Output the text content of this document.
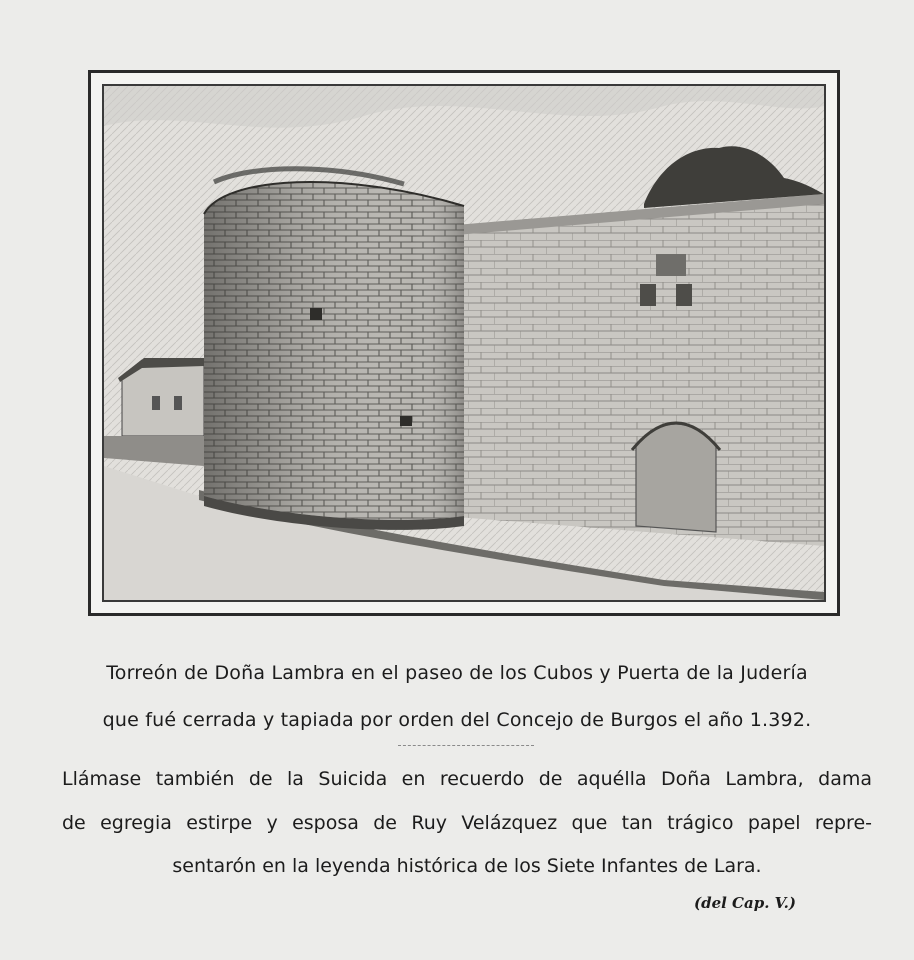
Torreón de Doña Lambra en el paseo de los Cubos y Puerta de la Judería
que fué cerrada y tapiada por orden del Concejo de Burgos el año 1.392.
Llámase también de la Suicida en recuerdo de aquélla Doña Lambra, dama
de egregia estirpe y esposa de Ruy Velázquez que tan trágico papel repre-
sentarón en la leyenda histórica de los Siete Infantes de Lara.
(del Cap. V.)
